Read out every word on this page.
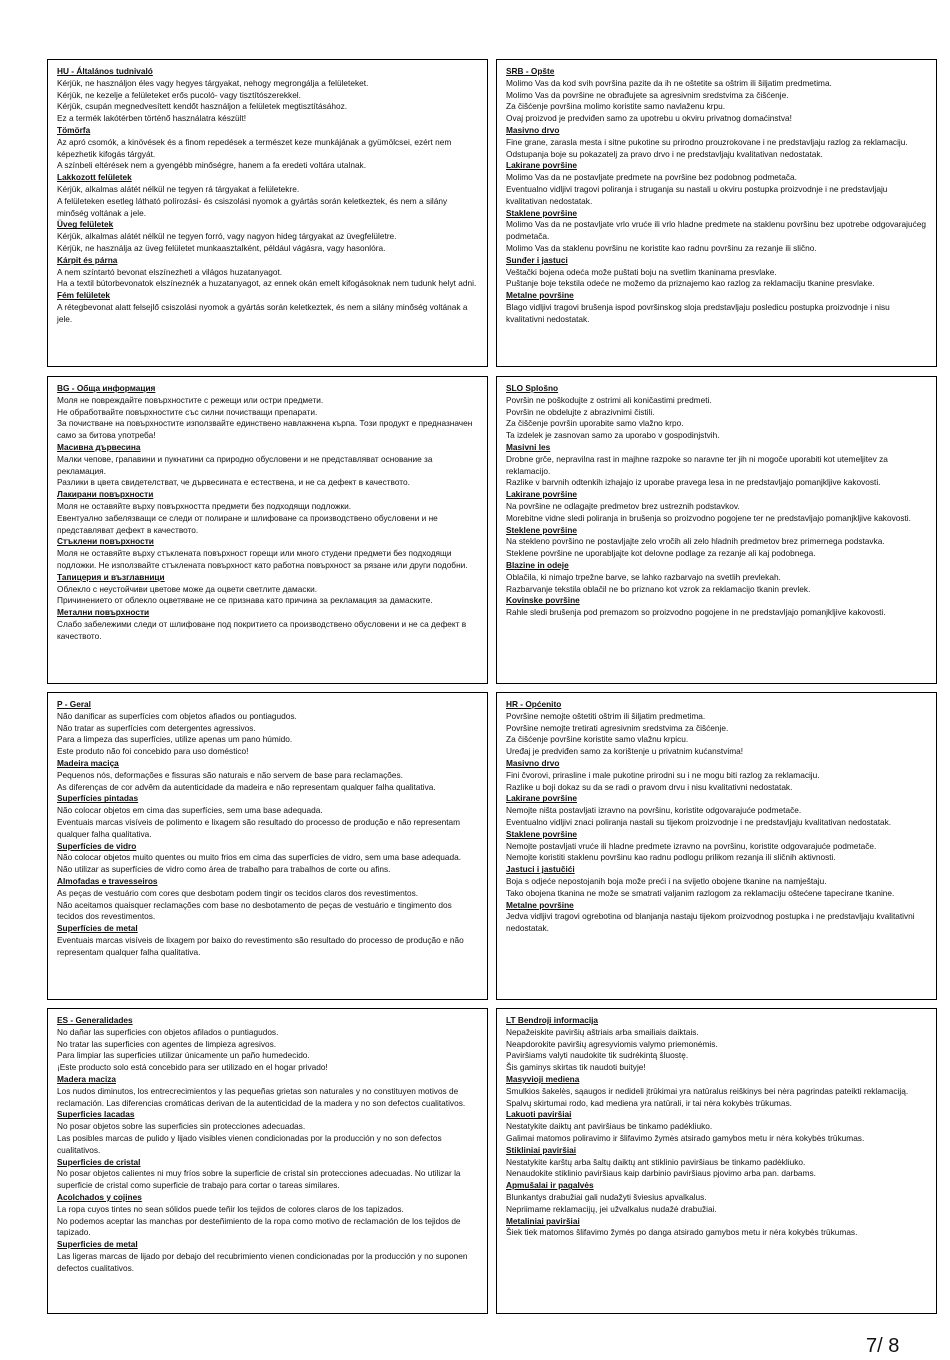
HU - Általános tudnivaló
Kérjük, ne használjon éles vagy hegyes tárgyakat, nehogy megrongálja a felületeket.
Kérjük, ne kezelje a felületeket erős pucoló- vagy tisztítószerekkel.
Kérjük, csupán megnedvesített kendőt használjon a felületek megtisztításához.
Ez a termék lakótérben történő használatra készült!
Tömörfa
Az apró csomók, a kinövések és a finom repedések a természet keze munkájának a gyümölcsei, ezért nem képezhetik kifogás tárgyát.
A színbeli eltérések nem a gyengébb minőségre, hanem a fa eredeti voltára utalnak.
Lakkozott felületek
Kérjük, alkalmas alátét nélkül ne tegyen rá tárgyakat a felületekre.
A felületeken esetleg látható polírozási- és csiszolási nyomok a gyártás során keletkeztek, és nem a silány minőség voltának a jele.
Üveg felületek
Kérjük, alkalmas alátét nélkül ne tegyen forró, vagy nagyon hideg tárgyakat az üvegfelületre.
Kérjük, ne használja az üveg felületet munkaasztalként, például vágásra, vagy hasonlóra.
Kárpit és párna
A nem színtartó bevonat elszínezheti a világos huzatanyagot.
Ha a textil bútorbevonatok elszíneznék a huzatanyagot, az ennek okán emelt kifogásoknak nem tudunk helyt adni.
Fém felületek
A rétegbevonat alatt felsejlő csiszolási nyomok a gyártás során keletkeztek, és nem a silány minőség voltának a jele.
SRB - Opšte
Molimo Vas da kod svih površina pazite da ih ne oštetite sa oštrim ili šiljatim predmetima.
Molimo Vas da površine ne obrađujete sa agresivnim sredstvima za čišćenje.
Za čišćenje površina molimo koristite samo navlaženu krpu.
Ovaj proizvod je predviđen samo za upotrebu u okviru privatnog domaćinstva!
Masivno drvo
Fine grane, zarasla mesta i sitne pukotine su prirodno prouzrokovane i ne predstavljaju razlog za reklamaciju.
Odstupanja boje su pokazatelj za pravo drvo i ne predstavljaju kvalitativan nedostatak.
Lakirane površine
Molimo Vas da ne postavljate predmete na površine bez podobnog podmetača.
Eventualno vidljivi tragovi poliranja i struganja su nastali u okviru postupka proizvodnje i ne predstavljaju kvalitativan nedostatak.
Staklene površine
Molimo Vas da ne postavljate vrlo vruće ili vrlo hladne predmete na staklenu površinu bez upotrebe odgovarajućeg podmetača.
Molimo Vas da staklenu površinu ne koristite kao radnu površinu za rezanje ili slično.
Sunđer i jastuci
Veštački bojena odeća može puštati boju na svetlim tkaninama presvlake.
Puštanje boje tekstila odeće ne možemo da priznajemo kao razlog za reklamaciju tkanine presvlake.
Metalne površine
Blago vidljivi tragovi brušenja ispod površinskog sloja predstavljaju posledicu postupka proizvodnje i nisu kvalitativni nedostatak.
BG - Обща информация
Моля не повреждайте повърхностите с режещи или остри предмети.
Не обработвайте повърхностите със силни почистващи препарати.
За почистване на повърхностите използвайте единствено навлажнена кърпа. Този продукт е предназначен само за битова употреба!
Масивна дървесина
Малки чепове, грапавини и пукнатини са природно обусловени и не представляват основание за рекламация.
Разлики в цвета свидетелстват, че дървесината е естествена, и не са дефект в качеството.
Лакирани повърхности
Моля не оставяйте върху повърхността предмети без подходящи подложки.
Евентуално забелязващи се следи от полиране и шлифоване са производствено обусловени и не представляват дефект в качеството.
Стъклени повърхности
Моля не оставяйте върху стъклената повърхност горещи или много студени предмети без подходящи подложки. Не използвайте стъклената повърхност като работна повърхност за рязане или други подобни.
Тапицерия и възглавници
Облекло с неустойчиви цветове може да оцвети светлите дамаски.
Причинението от облекло оцветяване не се признава като причина за рекламация за дамаските.
Метални повърхности
Слабо забележими следи от шлифоване под покритието са производствено обусловени и не са дефект в качеството.
SLO Splošno
Površin ne poškodujte z ostrimi ali koničastimi predmeti.
Površin ne obdelujte z abrazivnimi čistili.
Za čiščenje površin uporabite samo vlažno krpo.
Ta izdelek je zasnovan samo za uporabo v gospodinjstvih.
Masivni les
Drobne grče, nepravilna rast in majhne razpoke so naravne ter jih ni mogoče uporabiti kot utemeljitev za reklamacijo.
Razlike v barvnih odtenkih izhajajo iz uporabe pravega lesa in ne predstavljajo pomanjkljive kakovosti.
Lakirane površine
Na površine ne odlagajte predmetov brez ustreznih podstavkov.
Morebitne vidne sledi poliranja in brušenja so proizvodno pogojene ter ne predstavljajo pomanjkljive kakovosti.
Steklene površine
Na stekleno površino ne postavljajte zelo vročih ali zelo hladnih predmetov brez primernega podstavka.
Steklene površine ne uporabljajte kot delovne podlage za rezanje ali kaj podobnega.
Blazine in odeje
Oblačila, ki nimajo trpežne barve, se lahko razbarvajo na svetlih prevlekah.
Razbarvanje tekstila oblačil ne bo priznano kot vzrok za reklamacijo tkanin prevlek.
Kovinske površine
Rahle sledi brušenja pod premazom so proizvodno pogojene in ne predstavljajo pomanjkljive kakovosti.
P - Geral
Não danificar as superfícies com objetos afiados ou pontiagudos.
Não tratar as superfícies com detergentes agressivos.
Para a limpeza das superfícies, utilize apenas um pano húmido.
Este produto não foi concebido para uso doméstico!
Madeira maciça
Pequenos nós, deformações e fissuras são naturais e não servem de base para reclamações.
As diferenças de cor advêm da autenticidade da madeira e não representam qualquer falha qualitativa.
Superfícies pintadas
Não colocar objetos em cima das superfícies, sem uma base adequada.
Eventuais marcas visíveis de polimento e lixagem são resultado do processo de produção e não representam qualquer falha qualitativa.
Superfícies de vidro
Não colocar objetos muito quentes ou muito frios em cima das superfícies de vidro, sem uma base adequada.
Não utilizar as superfícies de vidro como área de trabalho para trabalhos de corte ou afins.
Almofadas e travesseiros
As peças de vestuário com cores que desbotam podem tingir os tecidos claros dos revestimentos.
Não aceitamos quaisquer reclamações com base no desbotamento de peças de vestuário e tingimento dos tecidos dos revestimentos.
Superfícies de metal
Eventuais marcas visíveis de lixagem por baixo do revestimento são resultado do processo de produção e não representam qualquer falha qualitativa.
HR - Općenito
Površine nemojte oštetiti oštrim ili šiljatim predmetima.
Površine nemojte tretirati agresivnim sredstvima za čišćenje.
Za čišćenje površine koristite samo vlažnu krpicu.
Uređaj je predviđen samo za korištenje u privatnim kućanstvima!
Masivno drvo
Fini čvorovi, prirasline i male pukotine prirodni su i ne mogu biti razlog za reklamaciju.
Razlike u boji dokaz su da se radi o pravom drvu i nisu kvalitativni nedostatak.
Lakirane površine
Nemojte ništa postavljati izravno na površinu, koristite odgovarajuće podmetače.
Eventualno vidljivi znaci poliranja nastali su tijekom proizvodnje i ne predstavljaju kvalitativan nedostatak.
Staklene površine
Nemojte postavljati vruće ili hladne predmete izravno na površinu, koristite odgovarajuće podmetače.
Nemojte koristiti staklenu površinu kao radnu podlogu prilikom rezanja ili sličnih aktivnosti.
Jastuci i jastučići
Boja s odjeće nepostojanih boja može preći i na svijetlo obojene tkanine na namještaju.
Tako obojena tkanina ne može se smatrati valjanim razlogom za reklamaciju oštećene tapecirane tkanine.
Metalne površine
Jedva vidljivi tragovi ogrebotina od blanjanja nastaju tijekom proizvodnog postupka i ne predstavljaju kvalitativni nedostatak.
ES - Generalidades
No dañar las superficies con objetos afilados o puntiagudos.
No tratar las superficies con agentes de limpieza agresivos.
Para limpiar las superficies utilizar únicamente un paño humedecido.
¡Este producto solo está concebido para ser utilizado en el hogar privado!
Madera maciza
Los nudos diminutos, los entrecrecimientos y las pequeñas grietas son naturales y no constituyen motivos de reclamación. Las diferencias cromáticas derivan de la autenticidad de la madera y no son defectos cualitativos.
Superficies lacadas
No posar objetos sobre las superficies sin protecciones adecuadas.
Las posibles marcas de pulido y lijado visibles vienen condicionadas por la producción y no son defectos cualitativos.
Superficies de cristal
No posar objetos calientes ni muy fríos sobre la superficie de cristal sin protecciones adecuadas. No utilizar la superficie de cristal como superficie de trabajo para cortar o tareas similares.
Acolchados y cojines
La ropa cuyos tintes no sean sólidos puede teñir los tejidos de colores claros de los tapizados.
No podemos aceptar las manchas por desteñimiento de la ropa como motivo de reclamación de los tejidos de tapizado.
Superficies de metal
Las ligeras marcas de lijado por debajo del recubrimiento vienen condicionadas por la producción y no suponen defectos cualitativos.
LT Bendroji informacija
Nepažeiskite paviršių aštriais arba smailiais daiktais.
Neapdorokite paviršių agresyviomis valymo priemonėmis.
Paviršiams valyti naudokite tik sudrėkintą šluostę.
Šis gaminys skirtas tik naudoti buityje!
Masyvioji mediena
Smulkios šakelės, sąaugos ir nedideli įtrūkimai yra natūralus reiškinys bei nėra pagrindas pateikti reklamaciją.
Spalvų skirtumai rodo, kad mediena yra natūrali, ir tai nėra kokybės trūkumas.
Lakuoti paviršiai
Nestatykite daiktų ant paviršiaus be tinkamo padėkliuko.
Galimai matomos poliravimo ir šlifavimo žymės atsirado gamybos metu ir nėra kokybės trūkumas.
Stikliniai paviršiai
Nestatykite karštų arba šaltų daiktų ant stiklinio paviršiaus be tinkamo padėkliuko.
Nenaudokite stiklinio paviršiaus kaip darbinio paviršiaus pjovimo arba pan. darbams.
Apmušalai ir pagalvės
Blunkantys drabužiai gali nudažyti šviesius apvalkalus.
Nepriimame reklamacijų, jei užvalkalus nudažė drabužiai.
Metaliniai paviršiai
Šiek tiek matomos šlifavimo žymės po danga atsirado gamybos metu ir nėra kokybės trūkumas.
7/ 8
